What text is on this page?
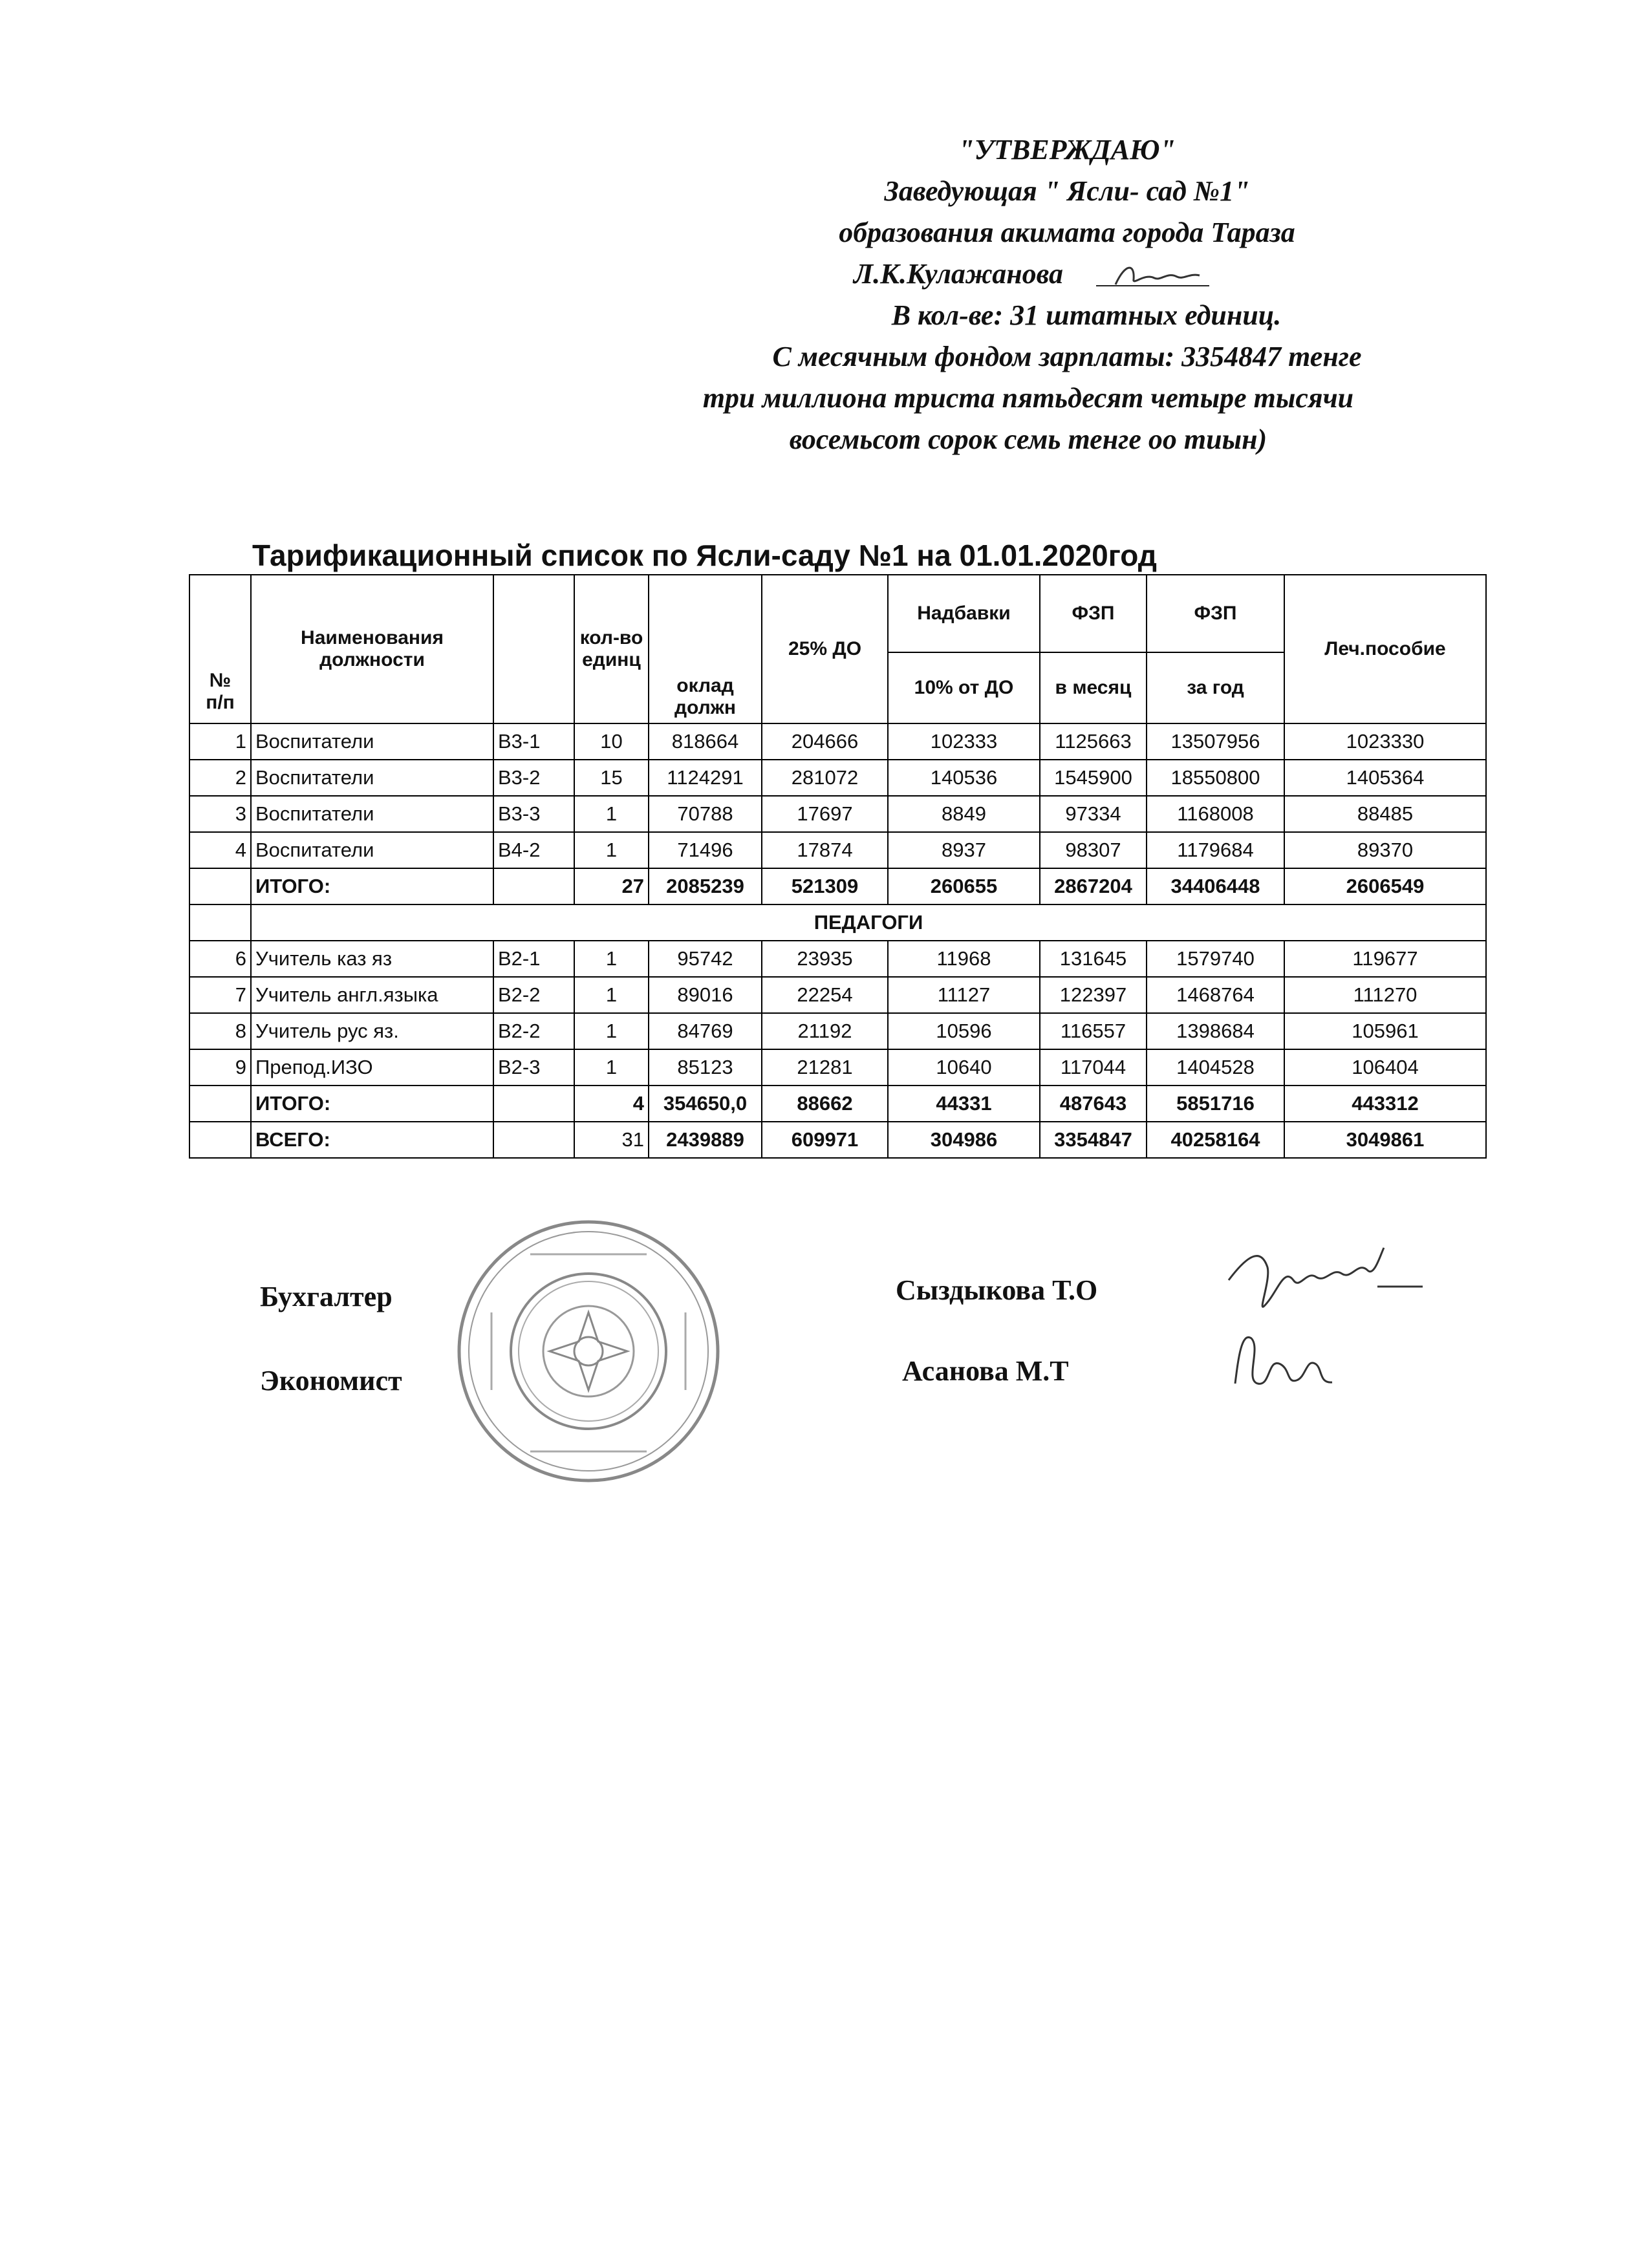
"УТВЕРЖДАЮ"
Заведующая " Ясли- сад №1"
образования акимата города Тараза
Л.К.Кулажанова
В кол-ве: 31 штатных единиц.
С месячным фондом зарплаты: 3354847 тенге
три миллиона триста пятьдесят четыре тысячи
восемьсот сорок семь тенге оо тиын)
Тарификационный список по Ясли-саду №1 на 01.01.2020год
№ п/п	Наименования должности		кол-во единц	оклад должн	25% ДО	Надбавки	ФЗП	ФЗП	Леч.пособие
						10% от ДО	в месяц	за год	
1	Воспитатели	В3-1	10	818664	204666	102333	1125663	13507956	1023330
2	Воспитатели	В3-2	15	1124291	281072	140536	1545900	18550800	1405364
3	Воспитатели	В3-3	1	70788	17697	8849	97334	1168008	88485
4	Воспитатели	В4-2	1	71496	17874	8937	98307	1179684	89370
	ИТОГО:		27	2085239	521309	260655	2867204	34406448	2606549
	ПЕДАГОГИ								
6	Учитель каз яз	В2-1	1	95742	23935	11968	131645	1579740	119677
7	Учитель англ.языка	В2-2	1	89016	22254	11127	122397	1468764	111270
8	Учитель рус яз.	В2-2	1	84769	21192	10596	116557	1398684	105961
9	Препод.ИЗО	В2-3	1	85123	21281	10640	117044	1404528	106404
	ИТОГО:		4	354650,0	88662	44331	487643	5851716	443312
	ВСЕГО:		31	2439889	609971	304986	3354847	40258164	3049861
Бухгалтер	Сыздыкова Т.О
Экономист	Асанова М.Т
